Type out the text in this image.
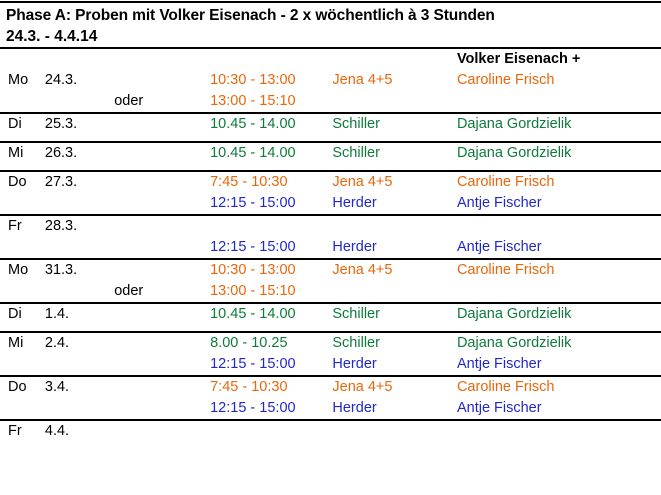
Phase A: Proben mit Volker Eisenach - 2 x wöchentlich à 3 Stunden
24.3. - 4.4.14
					Volker Eisenach +
Mo	24.3.		10:30 - 13:00	Jena 4+5	Caroline Frisch
		oder	13:00 - 15:10		
Di	25.3.		10.45 - 14.00	Schiller	Dajana Gordzielik

Mi	26.3.		10.45 - 14.00	Schiller	Dajana Gordzielik

Do	27.3.		7:45 - 10:30	Jena 4+5	Caroline Frisch
			12:15 - 15:00	Herder	Antje Fischer
Fr	28.3.				
			12:15 - 15:00	Herder	Antje Fischer
Mo	31.3.		10:30 - 13:00	Jena 4+5	Caroline Frisch
		oder	13:00 - 15:10		
Di	1.4.		10.45 - 14.00	Schiller	Dajana Gordzielik

Mi	2.4.		8.00 - 10.25	Schiller	Dajana Gordzielik
			12:15 - 15:00	Herder	Antje Fischer
Do	3.4.		7:45 - 10:30	Jena 4+5	Caroline Frisch
			12:15 - 15:00	Herder	Antje Fischer
Fr	4.4.				
